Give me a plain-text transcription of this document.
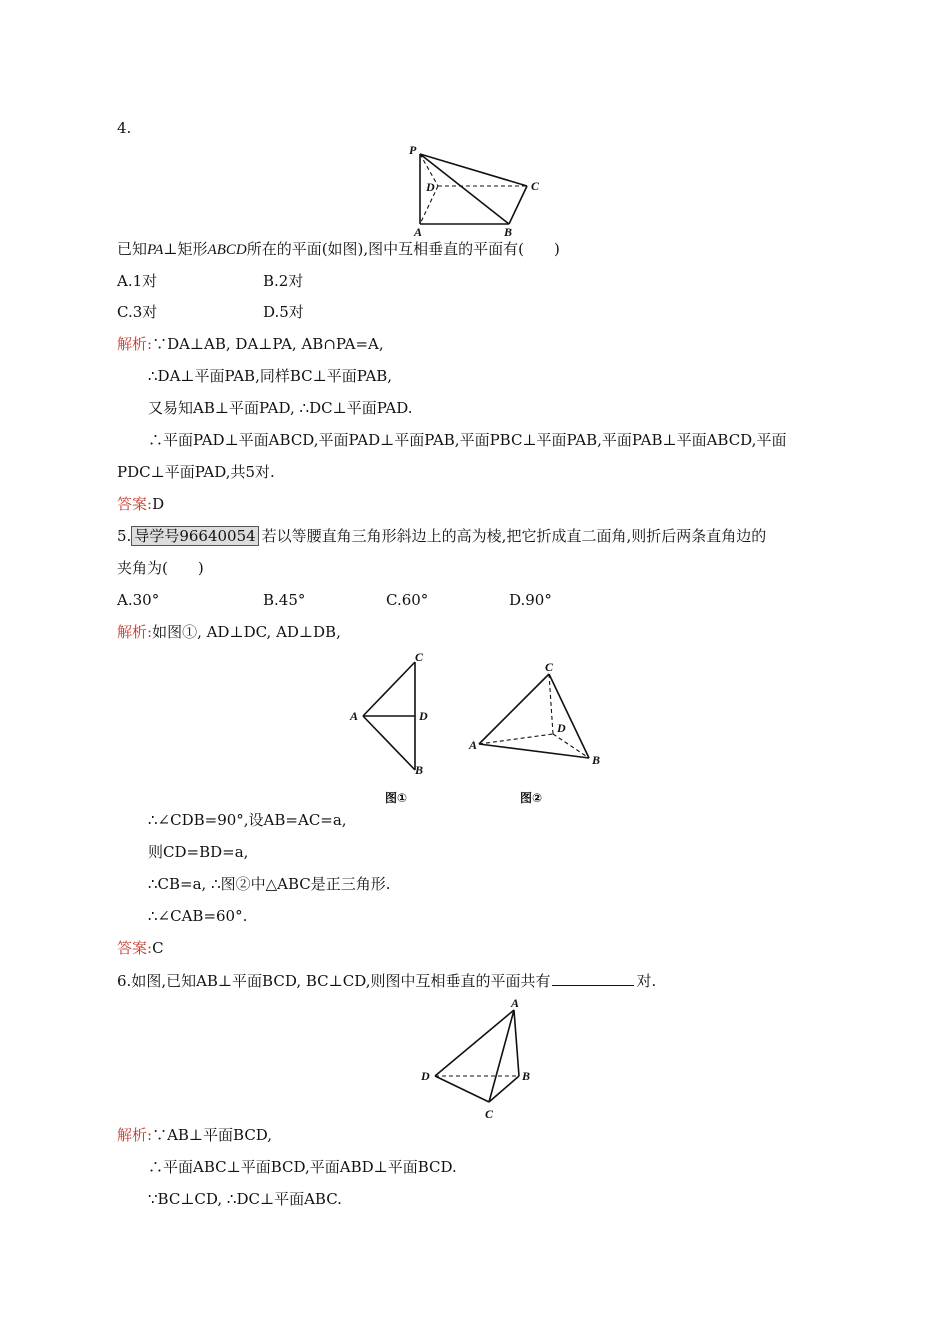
4.
P
D	C
A	B
已知PA⊥矩形ABCD所在的平面(如图),图中互相垂直的平面有(　　)
A.1对	B.2对
C.3对	D.5对
解析:∵DA⊥AB, DA⊥PA, AB∩PA=A,
∴DA⊥平面PAB,同样BC⊥平面PAB,
又易知AB⊥平面PAD, ∴DC⊥平面PAD.
∴平面PAD⊥平面ABCD,平面PAD⊥平面PAB,平面PBC⊥平面PAB,平面PAB⊥平面ABCD,平面
PDC⊥平面PAD,共5对.
答案:D
5. 导学号96640054 若以等腰直角三角形斜边上的高为棱,把它折成直二面角,则折后两条直角边的
夹角为(　　)
A.30°	B.45°	C.60°	D.90°
解析:如图①, AD⊥DC, AD⊥DB,
C
A	D
B
图①
C
D
A
B
图②
∴∠CDB=90°,设AB=AC=a,
则CD=BD=a,
∴CB=a, ∴图②中△ABC是正三角形.
∴∠CAB=60°.
答案:C
6.如图,已知AB⊥平面BCD, BC⊥CD,则图中互相垂直的平面共有	对.
A
D	B
C
解析:∵AB⊥平面BCD,
∴平面ABC⊥平面BCD,平面ABD⊥平面BCD.
∵BC⊥CD, ∴DC⊥平面ABC.
